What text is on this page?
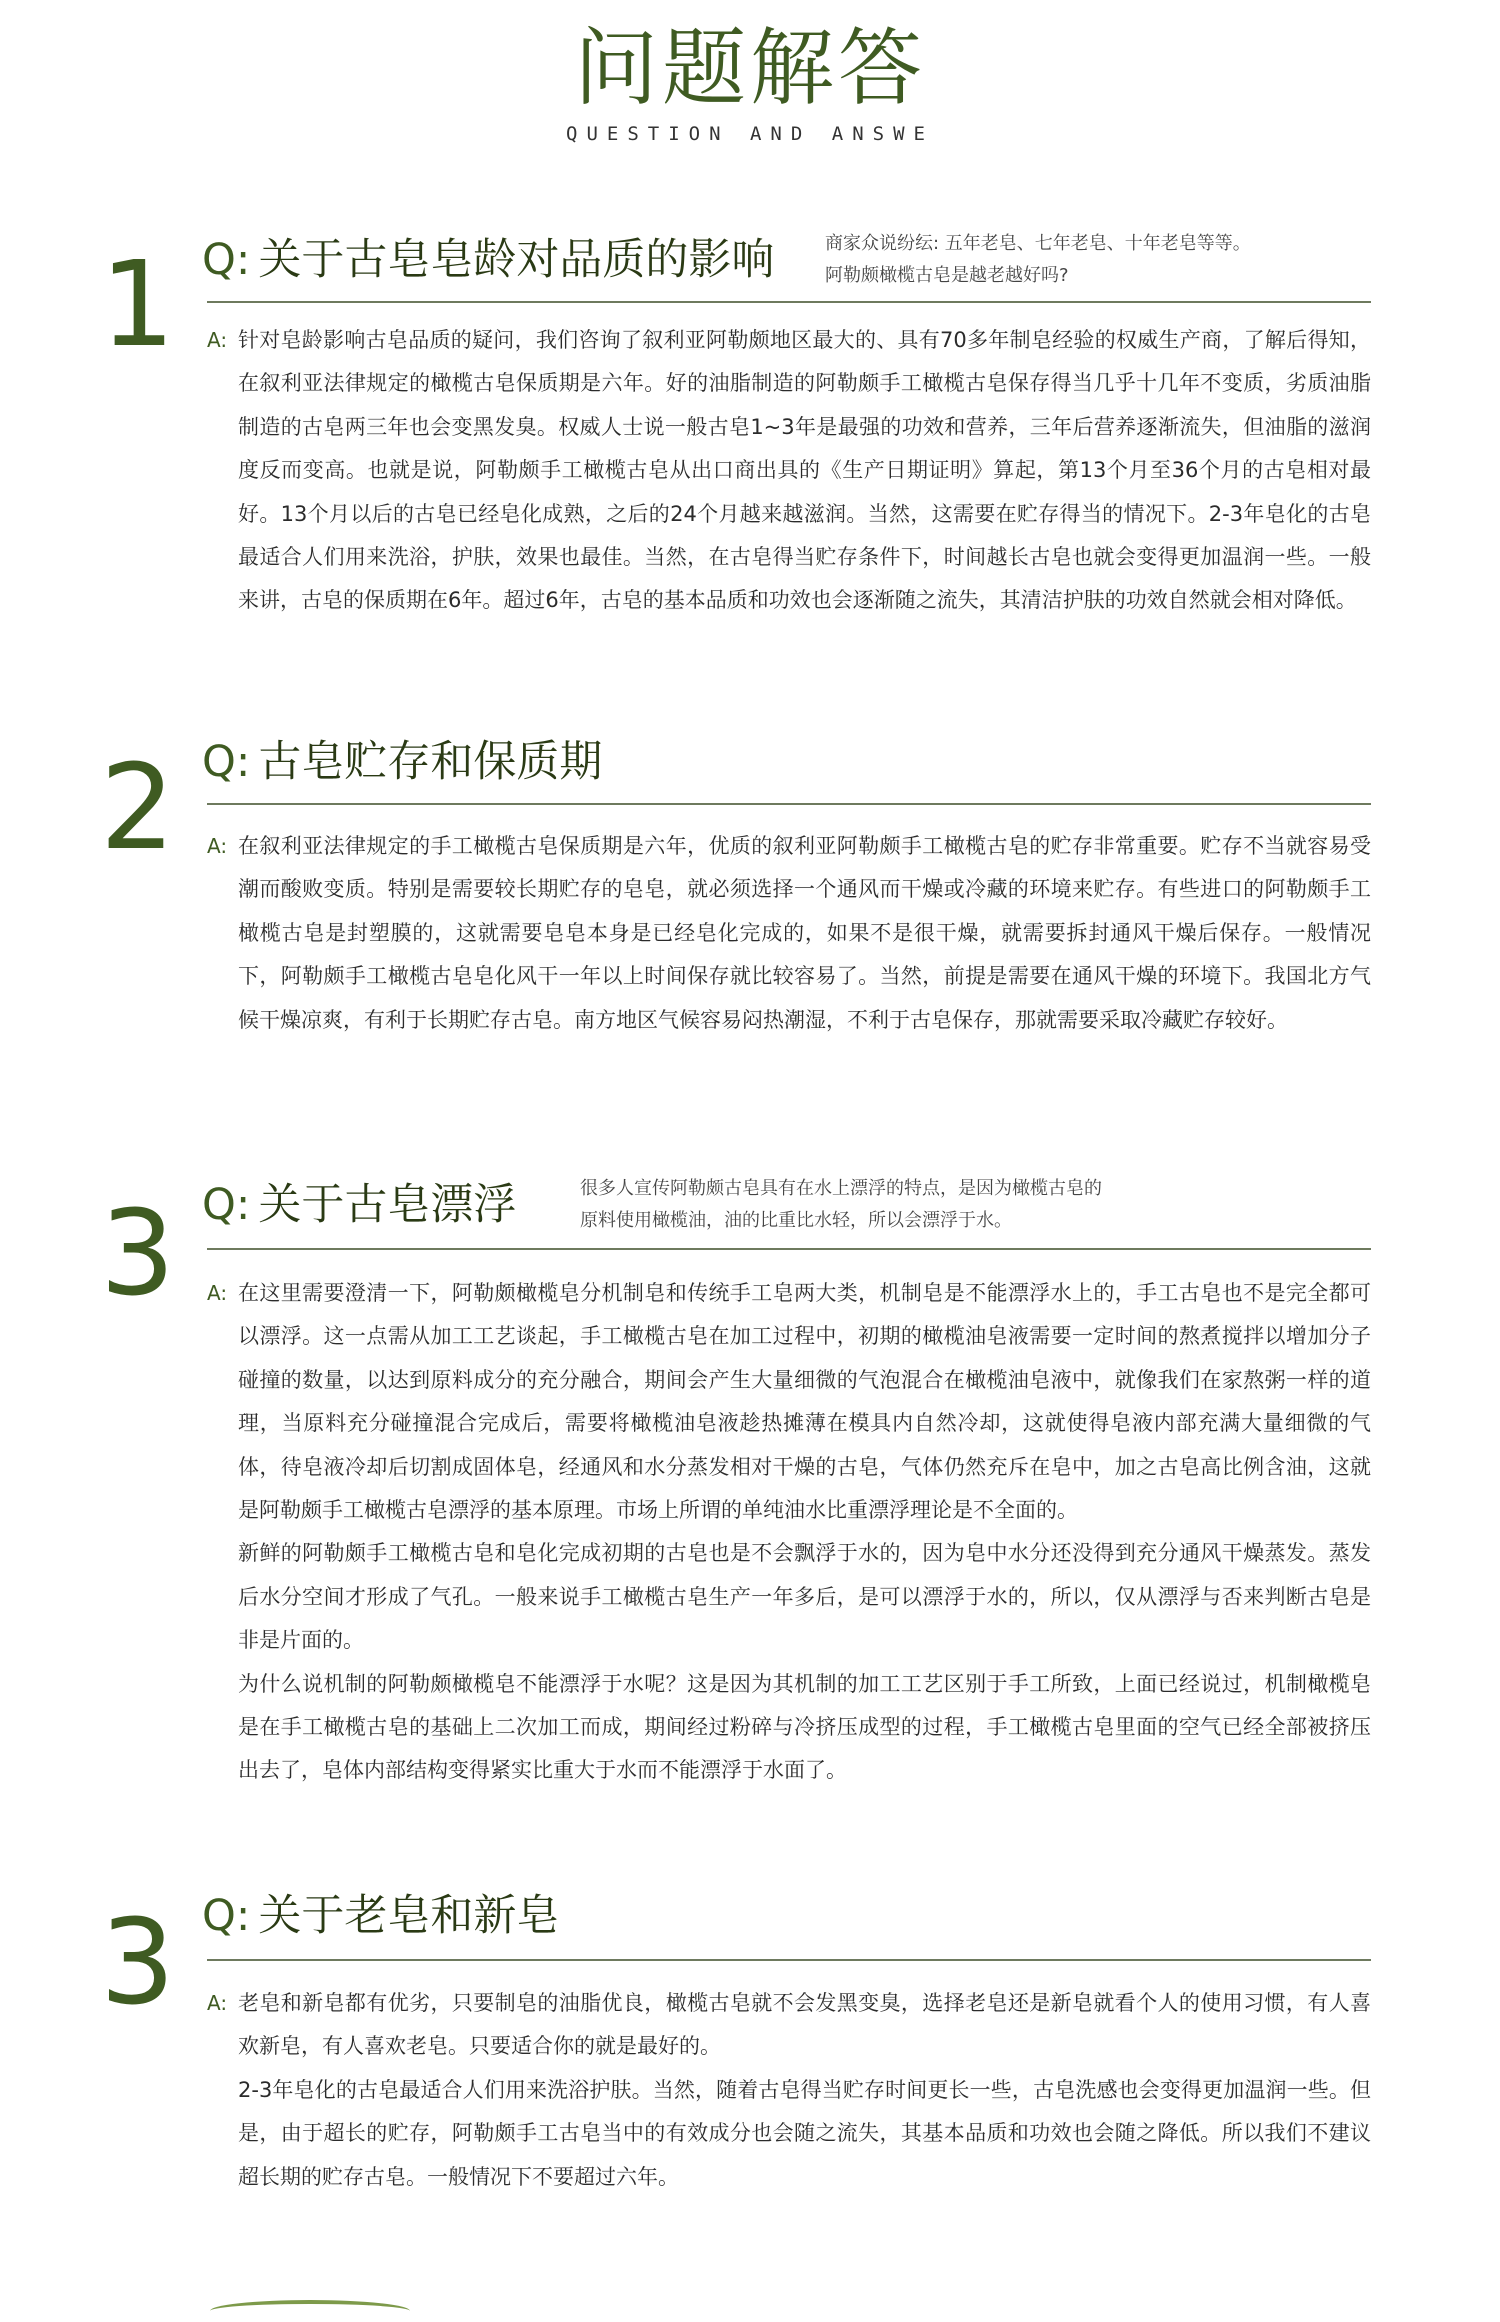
问题解答
QUESTION AND ANSWE
1 Q: 关于古皂皂龄对品质的影响	商家众说纷纭: 五年老皂、七年老皂、十年老皂等等。
阿勒颇橄榄古皂是越老越好吗?
A: 针对皂龄影响古皂品质的疑问，我们咨询了叙利亚阿勒颇地区最大的、具有70多年制皂经验的权威生产商，了解后得知，在叙利亚法律规定的橄榄古皂保质期是六年。好的油脂制造的阿勒颇手工橄榄古皂保存得当几乎十几年不变质，劣质油脂制造的古皂两三年也会变黑发臭。权威人士说一般古皂1~3年是最强的功效和营养，三年后营养逐渐流失，但油脂的滋润度反而变高。也就是说，阿勒颇手工橄榄古皂从出口商出具的《生产日期证明》算起，第13个月至36个月的古皂相对最好。13个月以后的古皂已经皂化成熟，之后的24个月越来越滋润。当然，这需要在贮存得当的情况下。2-3年皂化的古皂最适合人们用来洗浴，护肤，效果也最佳。当然，在古皂得当贮存条件下，时间越长古皂也就会变得更加温润一些。一般来讲，古皂的保质期在6年。超过6年，古皂的基本品质和功效也会逐渐随之流失，其清洁护肤的功效自然就会相对降低。

2 Q: 古皂贮存和保质期
A: 在叙利亚法律规定的手工橄榄古皂保质期是六年，优质的叙利亚阿勒颇手工橄榄古皂的贮存非常重要。贮存不当就容易受潮而酸败变质。特别是需要较长期贮存的皂皂，就必须选择一个通风而干燥或冷藏的环境来贮存。有些进口的阿勒颇手工橄榄古皂是封塑膜的，这就需要皂皂本身是已经皂化完成的，如果不是很干燥，就需要拆封通风干燥后保存。一般情况下，阿勒颇手工橄榄古皂皂化风干一年以上时间保存就比较容易了。当然，前提是需要在通风干燥的环境下。我国北方气候干燥凉爽，有利于长期贮存古皂。南方地区气候容易闷热潮湿，不利于古皂保存，那就需要采取冷藏贮存较好。

3 Q: 关于古皂漂浮	很多人宣传阿勒颇古皂具有在水上漂浮的特点，是因为橄榄古皂的
原料使用橄榄油，油的比重比水轻，所以会漂浮于水。
A: 在这里需要澄清一下，阿勒颇橄榄皂分机制皂和传统手工皂两大类，机制皂是不能漂浮水上的，手工古皂也不是完全都可以漂浮。这一点需从加工工艺谈起，手工橄榄古皂在加工过程中，初期的橄榄油皂液需要一定时间的熬煮搅拌以增加分子碰撞的数量，以达到原料成分的充分融合，期间会产生大量细微的气泡混合在橄榄油皂液中，就像我们在家熬粥一样的道理，当原料充分碰撞混合完成后，需要将橄榄油皂液趁热摊薄在模具内自然冷却，这就使得皂液内部充满大量细微的气体，待皂液冷却后切割成固体皂，经通风和水分蒸发相对干燥的古皂，气体仍然充斥在皂中，加之古皂高比例含油，这就是阿勒颇手工橄榄古皂漂浮的基本原理。市场上所谓的单纯油水比重漂浮理论是不全面的。

新鲜的阿勒颇手工橄榄古皂和皂化完成初期的古皂也是不会飘浮于水的，因为皂中水分还没得到充分通风干燥蒸发。蒸发后水分空间才形成了气孔。一般来说手工橄榄古皂生产一年多后，是可以漂浮于水的，所以，仅从漂浮与否来判断古皂是非是片面的。

为什么说机制的阿勒颇橄榄皂不能漂浮于水呢？这是因为其机制的加工工艺区别于手工所致，上面已经说过，机制橄榄皂是在手工橄榄古皂的基础上二次加工而成，期间经过粉碎与冷挤压成型的过程，手工橄榄古皂里面的空气已经全部被挤压出去了，皂体内部结构变得紧实比重大于水而不能漂浮于水面了。

3 Q: 关于老皂和新皂
A: 老皂和新皂都有优劣，只要制皂的油脂优良，橄榄古皂就不会发黑变臭，选择老皂还是新皂就看个人的使用习惯，有人喜欢新皂，有人喜欢老皂。只要适合你的就是最好的。

2-3年皂化的古皂最适合人们用来洗浴护肤。当然，随着古皂得当贮存时间更长一些，古皂洗感也会变得更加温润一些。但是，由于超长的贮存，阿勒颇手工古皂当中的有效成分也会随之流失，其基本品质和功效也会随之降低。所以我们不建议超长期的贮存古皂。一般情况下不要超过六年。
